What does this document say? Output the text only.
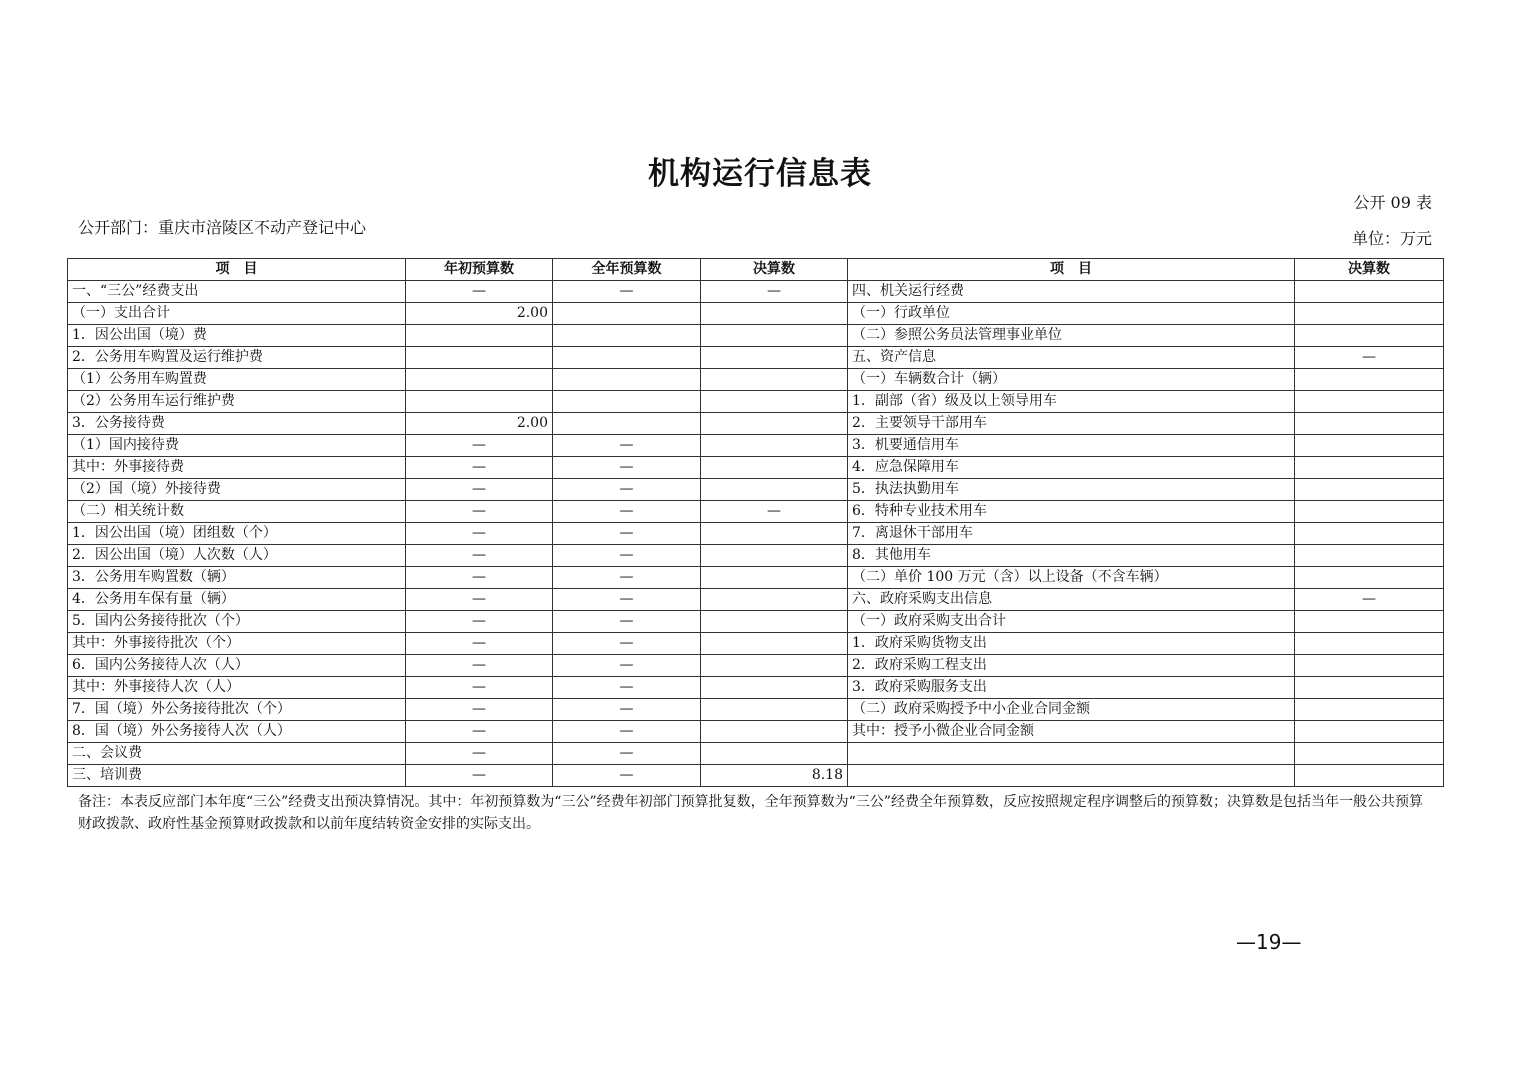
机构运行信息表
公开 09 表
公开部门：重庆市涪陵区不动产登记中心
单位：万元
项　目	年初预算数	全年预算数	决算数	项　目	决算数
一、“三公”经费支出	—	—	—	四、机关运行经费	
（一）支出合计	2.00			（一）行政单位	
1．因公出国（境）费				（二）参照公务员法管理事业单位	
2．公务用车购置及运行维护费				五、资产信息	—
（1）公务用车购置费				（一）车辆数合计（辆）	
（2）公务用车运行维护费				1．副部（省）级及以上领导用车	
3．公务接待费	2.00			2．主要领导干部用车	
（1）国内接待费	—	—		3．机要通信用车	
其中：外事接待费	—	—		4．应急保障用车	
（2）国（境）外接待费	—	—		5．执法执勤用车	
（二）相关统计数	—	—	—	6．特种专业技术用车	
1．因公出国（境）团组数（个）	—	—		7．离退休干部用车	
2．因公出国（境）人次数（人）	—	—		8．其他用车	
3．公务用车购置数（辆）	—	—		（二）单价 100 万元（含）以上设备（不含车辆）	
4．公务用车保有量（辆）	—	—		六、政府采购支出信息	—
5．国内公务接待批次（个）	—	—		（一）政府采购支出合计	
其中：外事接待批次（个）	—	—		1．政府采购货物支出	
6．国内公务接待人次（人）	—	—		2．政府采购工程支出	
其中：外事接待人次（人）	—	—		3．政府采购服务支出	
7．国（境）外公务接待批次（个）	—	—		（二）政府采购授予中小企业合同金额	
8．国（境）外公务接待人次（人）	—	—		其中：授予小微企业合同金额	
二、会议费	—	—			
三、培训费	—	—	8.18		
备注：本表反应部门本年度“三公”经费支出预决算情况。其中：年初预算数为“三公”经费年初部门预算批复数，全年预算数为“三公”经费全年预算数，反应按照规定程序调整后的预算数；决算数是包括当年一般公共预算财政拨款、政府性基金预算财政拨款和以前年度结转资金安排的实际支出。
—19—
